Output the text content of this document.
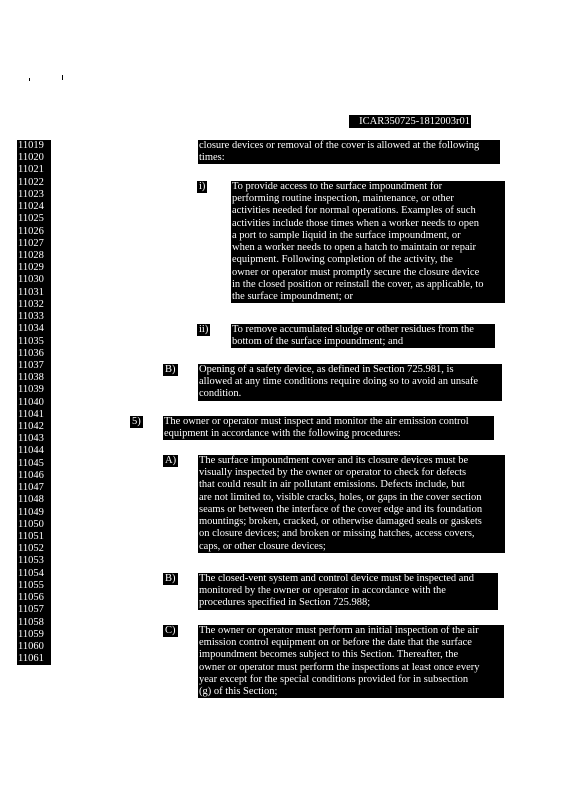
ICAR350725-1812003r01
11019
11020
11021
11022
11023
11024
11025
11026
11027
11028
11029
11030
11031
11032
11033
11034
11035
11036
11037
11038
11039
11040
11041
11042
11043
11044
11045
11046
11047
11048
11049
11050
11051
11052
11053
11054
11055
11056
11057
11058
11059
11060
11061
closure devices or removal of the cover is allowed at the following
times:
i)	To provide access to the surface impoundment for
performing routine inspection, maintenance, or other
activities needed for normal operations. Examples of such
activities include those times when a worker needs to open
a port to sample liquid in the surface impoundment, or
when a worker needs to open a hatch to maintain or repair
equipment. Following completion of the activity, the
owner or operator must promptly secure the closure device
in the closed position or reinstall the cover, as applicable, to
the surface impoundment; or
ii) To remove accumulated sludge or other residues from the
bottom of the surface impoundment; and
B) Opening of a safety device, as defined in Section 725.981, is
allowed at any time conditions require doing so to avoid an unsafe
condition.
5) The owner or operator must inspect and monitor the air emission control
equipment in accordance with the following procedures:
A) The surface impoundment cover and its closure devices must be
visually inspected by the owner or operator to check for defects
that could result in air pollutant emissions. Defects include, but
are not limited to, visible cracks, holes, or gaps in the cover section
seams or between the interface of the cover edge and its foundation
mountings; broken, cracked, or otherwise damaged seals or gaskets
on closure devices; and broken or missing hatches, access covers,
caps, or other closure devices;
B) The closed-vent system and control device must be inspected and
monitored by the owner or operator in accordance with the
procedures specified in Section 725.988;
C) The owner or operator must perform an initial inspection of the air
emission control equipment on or before the date that the surface
impoundment becomes subject to this Section. Thereafter, the
owner or operator must perform the inspections at least once every
year except for the special conditions provided for in subsection
(g) of this Section;
